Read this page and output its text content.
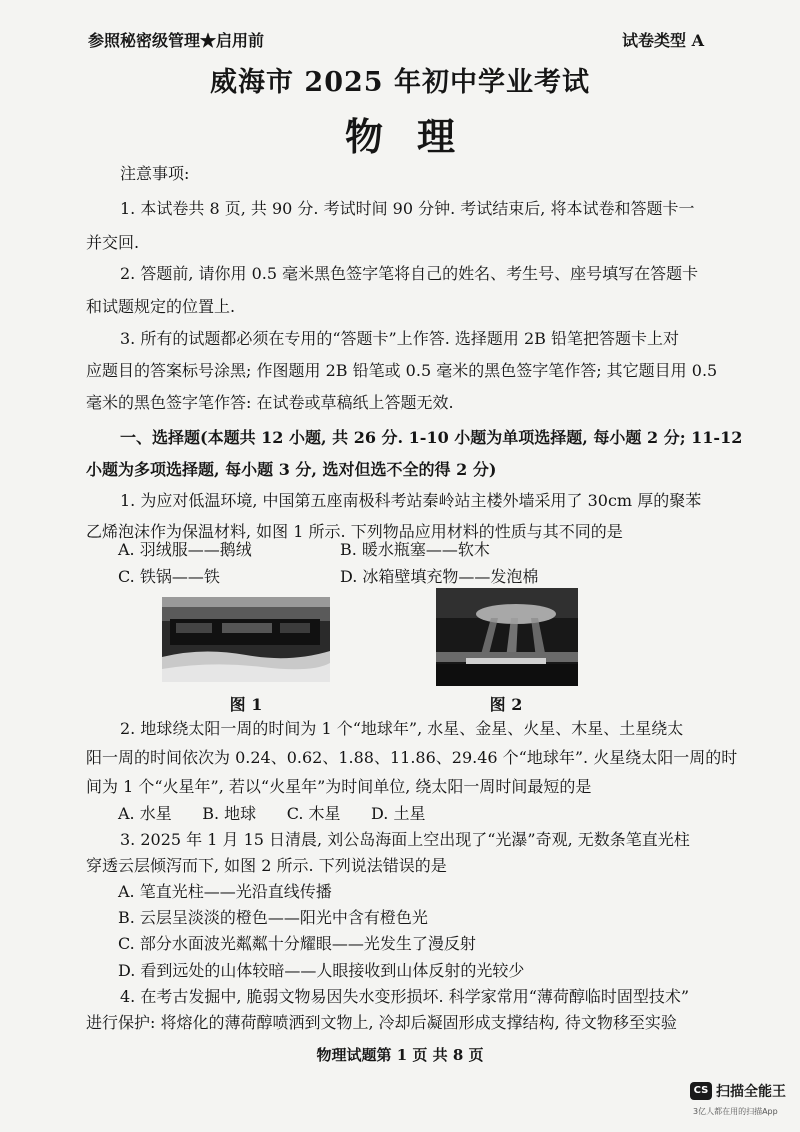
参照秘密级管理★启用前	试卷类型 A
威海市 2025 年初中学业考试
物理
注意事项:
1. 本试卷共 8 页, 共 90 分. 考试时间 90 分钟. 考试结束后, 将本试卷和答题卡一
并交回.
2. 答题前, 请你用 0.5 毫米黑色签字笔将自己的姓名、考生号、座号填写在答题卡
和试题规定的位置上.
3. 所有的试题都必须在专用的“答题卡”上作答. 选择题用 2B 铅笔把答题卡上对
应题目的答案标号涂黑; 作图题用 2B 铅笔或 0.5 毫米的黑色签字笔作答; 其它题目用 0.5
毫米的黑色签字笔作答: 在试卷或草稿纸上答题无效.
一、选择题(本题共 12 小题, 共 26 分. 1-10 小题为单项选择题, 每小题 2 分; 11-12
小题为多项选择题, 每小题 3 分, 选对但选不全的得 2 分)
1. 为应对低温环境, 中国第五座南极科考站秦岭站主楼外墙采用了 30cm 厚的聚苯
乙烯泡沫作为保温材料, 如图 1 所示. 下列物品应用材料的性质与其不同的是
A. 羽绒服——鹅绒	B. 暖水瓶塞——软木
C. 铁锅——铁	D. 冰箱壁填充物——发泡棉
图 1	图 2
2. 地球绕太阳一周的时间为 1 个“地球年”, 水星、金星、火星、木星、土星绕太
阳一周的时间依次为 0.24、0.62、1.88、11.86、29.46 个“地球年”. 火星绕太阳一周的时
间为 1 个“火星年”, 若以“火星年”为时间单位, 绕太阳一周时间最短的是
A. 水星      B. 地球      C. 木星      D. 土星
3. 2025 年 1 月 15 日清晨, 刘公岛海面上空出现了“光瀑”奇观, 无数条笔直光柱
穿透云层倾泻而下, 如图 2 所示. 下列说法错误的是
A. 笔直光柱——光沿直线传播
B. 云层呈淡淡的橙色——阳光中含有橙色光
C. 部分水面波光粼粼十分耀眼——光发生了漫反射
D. 看到远处的山体较暗——人眼接收到山体反射的光较少
4. 在考古发掘中, 脆弱文物易因失水变形损坏. 科学家常用“薄荷醇临时固型技术”
进行保护: 将熔化的薄荷醇喷洒到文物上, 冷却后凝固形成支撑结构, 待文物移至实验
物理试题第 1 页 共 8 页
CS 扫描全能王
3亿人都在用的扫描App
